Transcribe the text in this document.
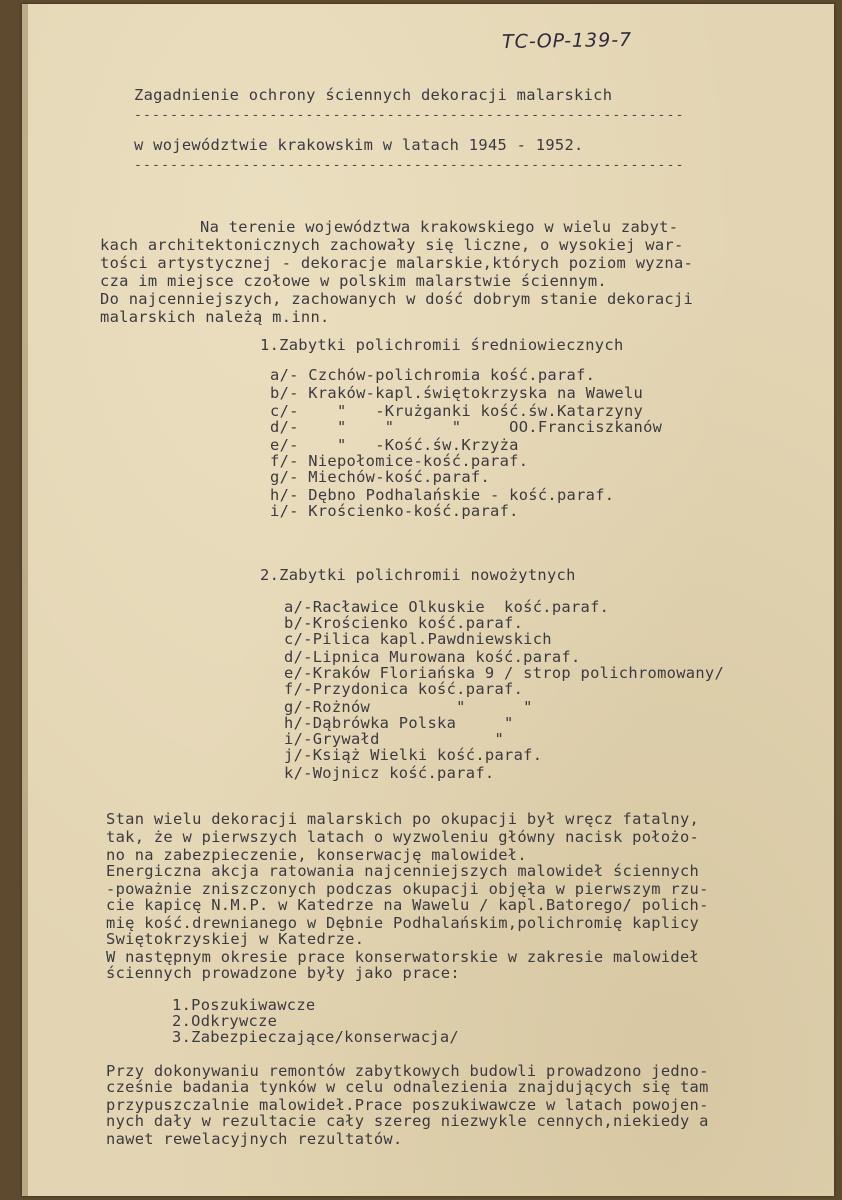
TC-OP-139-7
Zagadnienie ochrony ściennych dekoracji malarskich
-------------------------------------------------------------
w województwie krakowskim w latach 1945 - 1952.
-------------------------------------------------------------
Na terenie województwa krakowskiego w wielu zabyt-
kach architektonicznych zachowały się liczne, o wysokiej war-
tości artystycznej - dekoracje malarskie,których poziom wyzna-
cza im miejsce czołowe w polskim malarstwie ściennym.
Do najcenniejszych, zachowanych w dość dobrym stanie dekoracji
malarskich należą m.inn.
1.Zabytki polichromii średniowiecznych
a/- Czchów-polichromia kość.paraf.
b/- Kraków-kapl.świętokrzyska na Wawelu
c/-    "   -Krużganki kość.św.Katarzyny
d/-    "    "      "     OO.Franciszkanów
e/-    "   -Kość.św.Krzyża
f/- Niepołomice-kość.paraf.
g/- Miechów-kość.paraf.
h/- Dębno Podhalańskie - kość.paraf.
i/- Krościenko-kość.paraf.
2.Zabytki polichromii nowożytnych
a/-Racławice Olkuskie  kość.paraf.
b/-Krościenko kość.paraf.
c/-Pilica kapl.Pawdniewskich
d/-Lipnica Murowana kość.paraf.
e/-Kraków Floriańska 9 / strop polichromowany/
f/-Przydonica kość.paraf.
g/-Rożnów         "      "
h/-Dąbrówka Polska     "
i/-Grywałd            "
j/-Książ Wielki kość.paraf.
k/-Wojnicz kość.paraf.
Stan wielu dekoracji malarskich po okupacji był wręcz fatalny,
tak, że w pierwszych latach o wyzwoleniu główny nacisk położo-
no na zabezpieczenie, konserwację malowideł.
Energiczna akcja ratowania najcenniejszych malowideł ściennych
-poważnie zniszczonych podczas okupacji objęła w pierwszym rzu-
cie kapicę N.M.P. w Katedrze na Wawelu / kapl.Batorego/ polich-
mię kość.drewnianego w Dębnie Podhalańskim,polichromię kaplicy
Swiętokrzyskiej w Katedrze.
W następnym okresie prace konserwatorskie w zakresie malowideł
ściennych prowadzone były jako prace:
1.Poszukiwawcze
2.Odkrywcze
3.Zabezpieczające/konserwacja/
Przy dokonywaniu remontów zabytkowych budowli prowadzono jedno-
cześnie badania tynków w celu odnalezienia znajdujących się tam
przypuszczalnie malowideł.Prace poszukiwawcze w latach powojen-
nych dały w rezultacie cały szereg niezwykle cennych,niekiedy a
nawet rewelacyjnych rezultatów.
